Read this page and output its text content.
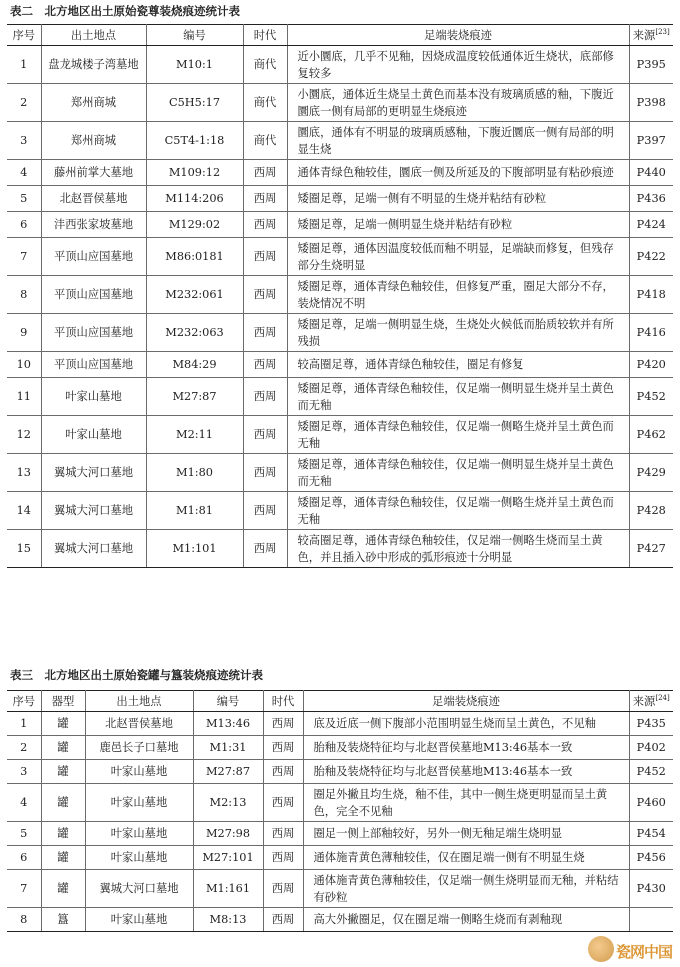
表二　北方地区出土原始瓷尊装烧痕迹统计表
序号	出土地点	编号	时代	足端装烧痕迹	来源[23]
1	盘龙城楼子湾墓地	M10:1	商代	近小圜底，几乎不见釉，因烧成温度较低通体近生烧状，底部修复较多	P395
2	郑州商城	C5H5:17	商代	小圜底，通体近生烧呈土黄色而基本没有玻璃质感的釉，下腹近圜底一侧有局部的更明显生烧痕迹	P398
3	郑州商城	C5T4-1:18	商代	圜底，通体有不明显的玻璃质感釉，下腹近圜底一侧有局部的明显生烧	P397
4	藤州前掌大墓地	M109:12	西周	通体青绿色釉较佳，圜底一侧及所延及的下腹部明显有粘砂痕迹	P440
5	北赵晋侯墓地	M114:206	西周	矮圈足尊，足端一侧有不明显的生烧并粘结有砂粒	P436
6	沣西张家坡墓地	M129:02	西周	矮圈足尊，足端一侧明显生烧并粘结有砂粒	P424
7	平顶山应国墓地	M86:0181	西周	矮圈足尊，通体因温度较低而釉不明显，足端缺而修复，但残存部分生烧明显	P422
8	平顶山应国墓地	M232:061	西周	矮圈足尊，通体青绿色釉较佳，但修复严重，圈足大部分不存，装烧情况不明	P418
9	平顶山应国墓地	M232:063	西周	矮圈足尊，足端一侧明显生烧，生烧处火候低而胎质较软并有所残损	P416
10	平顶山应国墓地	M84:29	西周	较高圈足尊，通体青绿色釉较佳，圈足有修复	P420
11	叶家山墓地	M27:87	西周	矮圈足尊，通体青绿色釉较佳，仅足端一侧明显生烧并呈土黄色而无釉	P452
12	叶家山墓地	M2:11	西周	矮圈足尊，通体青绿色釉较佳，仅足端一侧略生烧并呈土黄色而无釉	P462
13	翼城大河口墓地	M1:80	西周	矮圈足尊，通体青绿色釉较佳，仅足端一侧明显生烧并呈土黄色而无釉	P429
14	翼城大河口墓地	M1:81	西周	矮圈足尊，通体青绿色釉较佳，仅足端一侧略生烧并呈土黄色而无釉	P428
15	翼城大河口墓地	M1:101	西周	较高圈足尊，通体青绿色釉较佳，仅足端一侧略生烧而呈土黄色，并且插入砂中形成的弧形痕迹十分明显	P427
表三　北方地区出土原始瓷罐与簋装烧痕迹统计表
序号	器型	出土地点	编号	时代	足端装烧痕迹	来源[24]
1	罐	北赵晋侯墓地	M13:46	西周	底及近底一侧下腹部小范围明显生烧而呈土黄色，不见釉	P435
2	罐	鹿邑长子口墓地	M1:31	西周	胎釉及装烧特征均与北赵晋侯墓地M13:46基本一致	P402
3	罐	叶家山墓地	M27:87	西周	胎釉及装烧特征均与北赵晋侯墓地M13:46基本一致	P452
4	罐	叶家山墓地	M2:13	西周	圈足外撇且均生烧，釉不佳，其中一侧生烧更明显而呈土黄色，完全不见釉	P460
5	罐	叶家山墓地	M27:98	西周	圈足一侧上部釉较好，另外一侧无釉足端生烧明显	P454
6	罐	叶家山墓地	M27:101	西周	通体施青黄色薄釉较佳，仅在圈足端一侧有不明显生烧	P456
7	罐	翼城大河口墓地	M1:161	西周	通体施青黄色薄釉较佳，仅足端一侧生烧明显而无釉，并粘结有砂粒	P430
8	簋	叶家山墓地	M8:13	西周	高大外撇圈足，仅在圈足端一侧略生烧而有剥釉现	
瓷网中国
